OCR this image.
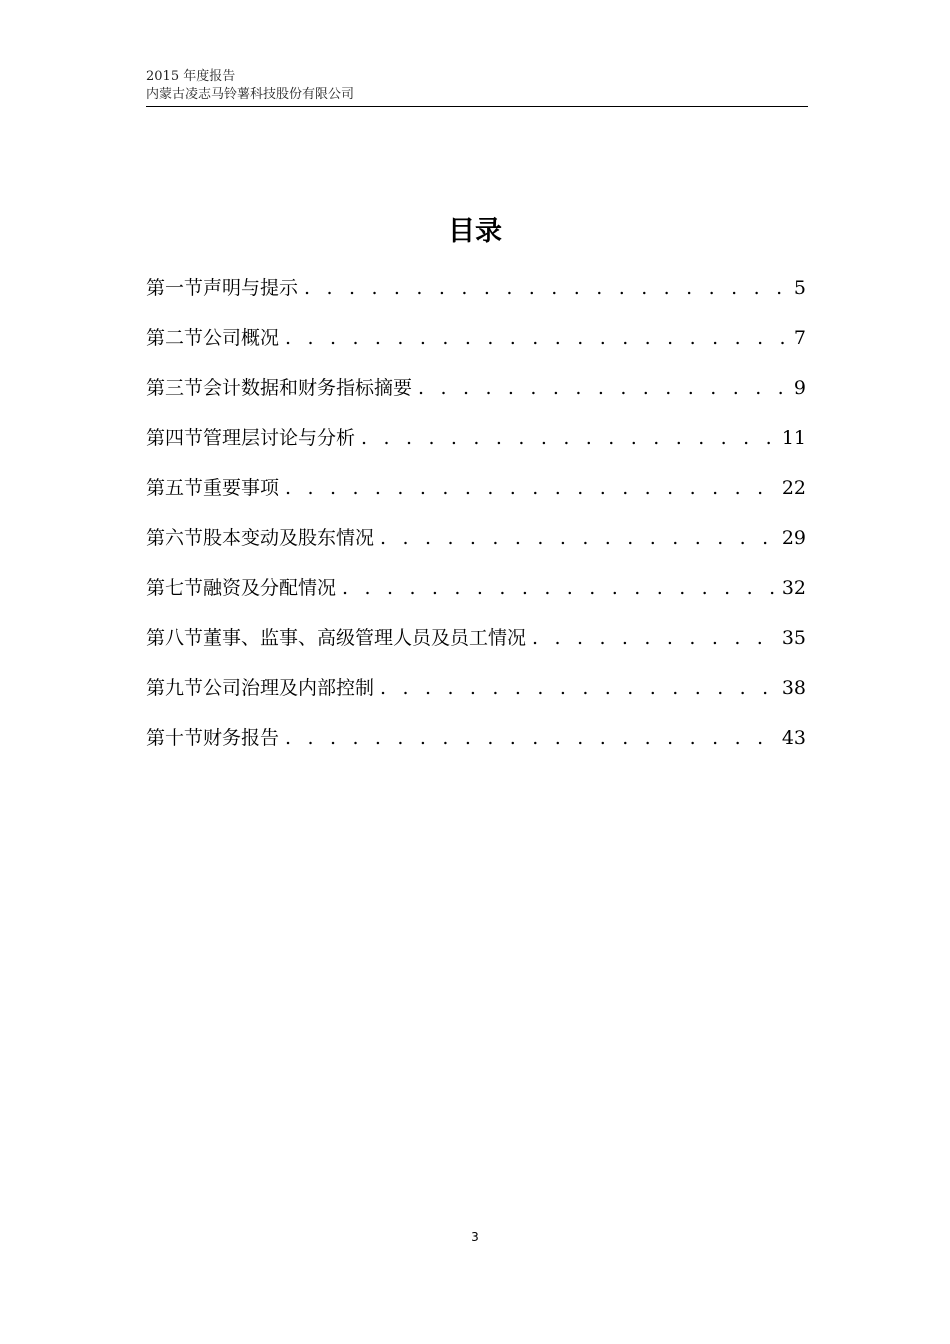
2015 年度报告
内蒙古凌志马铃薯科技股份有限公司
目录
第一节声明与提示 . . .	5
第二节公司概况 . . .	7
第三节会计数据和财务指标摘要 . . .	9
第四节管理层讨论与分析 . . .	11
第五节重要事项 . . .	22
第六节股本变动及股东情况 . . .	29
第七节融资及分配情况 . . .	32
第八节董事、监事、高级管理人员及员工情况 . . .	35
第九节公司治理及内部控制 . . .	38
第十节财务报告 . . .	43
3
